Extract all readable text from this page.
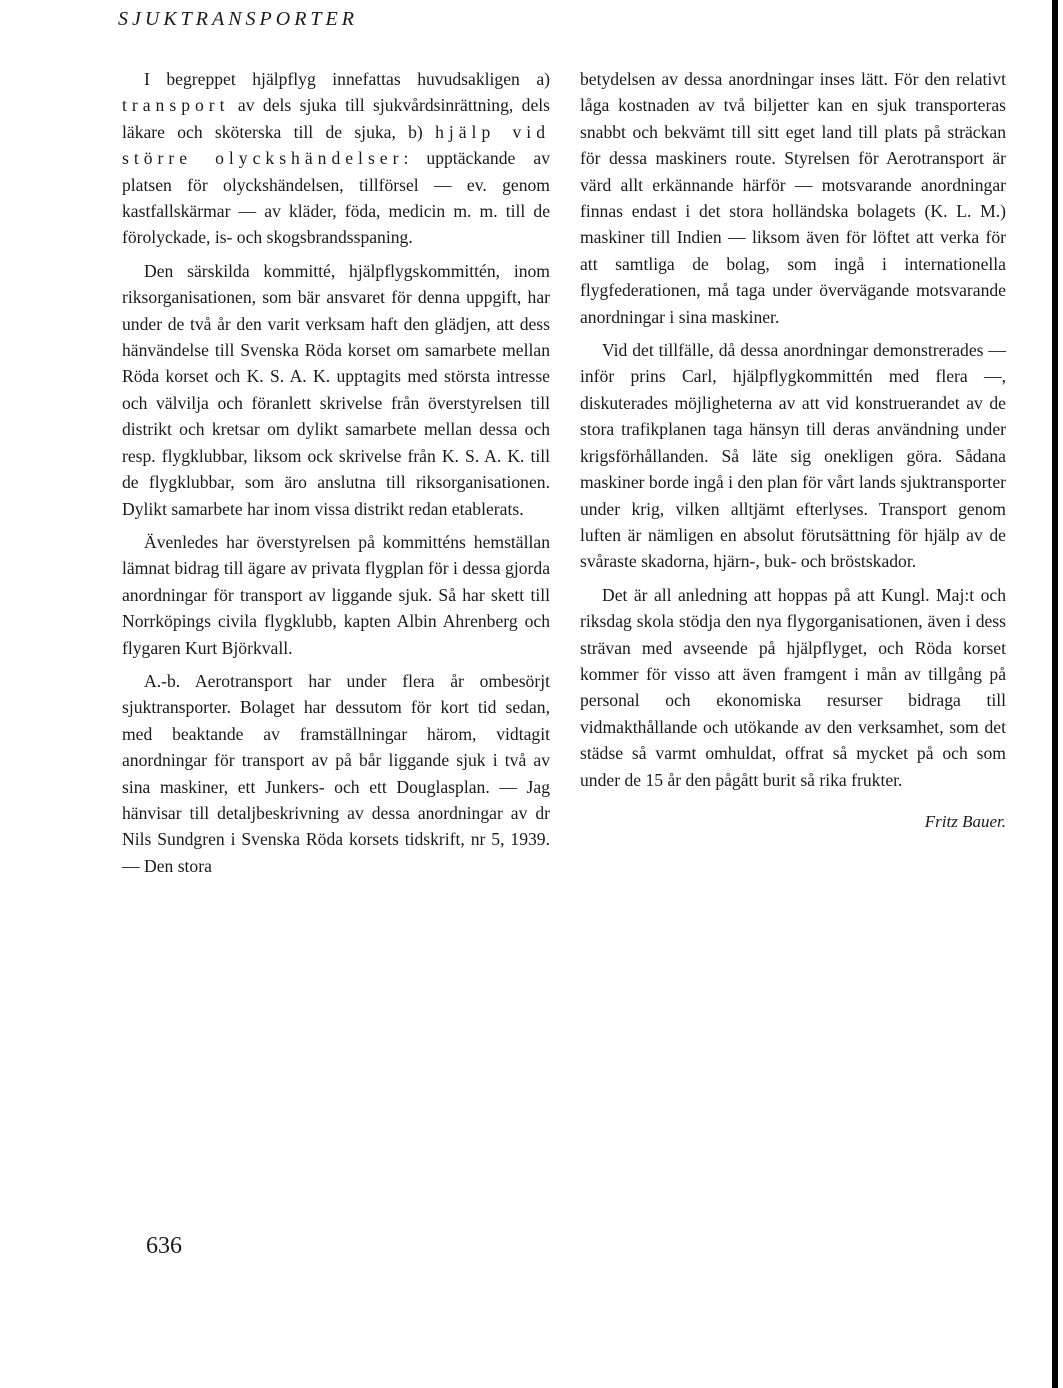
SJUKTRANSPORTER

I begreppet hjälpflyg innefattas huvudsakligen a) transport av dels sjuka till sjukvårdsinrättning, dels läkare och sköterska till de sjuka, b) hjälp vid större olyckshändelser: upptäckande av platsen för olyckshändelsen, tillförsel — ev. genom kastfallskärmar — av kläder, föda, medicin m. m. till de förolyckade, is- och skogsbrandsspaning.

Den särskilda kommitté, hjälpflygskommittén, inom riksorganisationen, som bär ansvaret för denna uppgift, har under de två år den varit verksam haft den glädjen, att dess hänvändelse till Svenska Röda korset om samarbete mellan Röda korset och K. S. A. K. upptagits med största intresse och välvilja och föranlett skrivelse från överstyrelsen till distrikt och kretsar om dylikt samarbete mellan dessa och resp. flygklubbar, liksom ock skrivelse från K. S. A. K. till de flygklubbar, som äro anslutna till riksorganisationen. Dylikt samarbete har inom vissa distrikt redan etablerats.

Ävenledes har överstyrelsen på kommitténs hemställan lämnat bidrag till ägare av privata flygplan för i dessa gjorda anordningar för transport av liggande sjuk. Så har skett till Norrköpings civila flygklubb, kapten Albin Ahrenberg och flygaren Kurt Björkvall.

A.-b. Aerotransport har under flera år ombesörjt sjuktransporter. Bolaget har dessutom för kort tid sedan, med beaktande av framställningar härom, vidtagit anordningar för transport av på bår liggande sjuk i två av sina maskiner, ett Junkers- och ett Douglasplan. — Jag hänvisar till detaljbeskrivning av dessa anordningar av dr Nils Sundgren i Svenska Röda korsets tidskrift, nr 5, 1939. — Den stora

betydelsen av dessa anordningar inses lätt. För den relativt låga kostnaden av två biljetter kan en sjuk transporteras snabbt och bekvämt till sitt eget land till plats på sträckan för dessa maskiners route. Styrelsen för Aerotransport är värd allt erkännande härför — motsvarande anordningar finnas endast i det stora holländska bolagets (K. L. M.) maskiner till Indien — liksom även för löftet att verka för att samtliga de bolag, som ingå i internationella flygfederationen, må taga under övervägande motsvarande anordningar i sina maskiner.

Vid det tillfälle, då dessa anordningar demonstrerades — inför prins Carl, hjälpflygkommittén med flera —, diskuterades möjligheterna av att vid konstruerandet av de stora trafikplanen taga hänsyn till deras användning under krigsförhållanden. Så läte sig onekligen göra. Sådana maskiner borde ingå i den plan för vårt lands sjuktransporter under krig, vilken alltjämt efterlyses. Transport genom luften är nämligen en absolut förutsättning för hjälp av de svåraste skadorna, hjärn-, buk- och bröstskador.

Det är all anledning att hoppas på att Kungl. Maj:t och riksdag skola stödja den nya flygorganisationen, även i dess strävan med avseende på hjälpflyget, och Röda korset kommer för visso att även framgent i mån av tillgång på personal och ekonomiska resurser bidraga till vidmakthållande och utökande av den verksamhet, som det städse så varmt omhuldat, offrat så mycket på och som under de 15 år den pågått burit så rika frukter.

Fritz Bauer.
636
